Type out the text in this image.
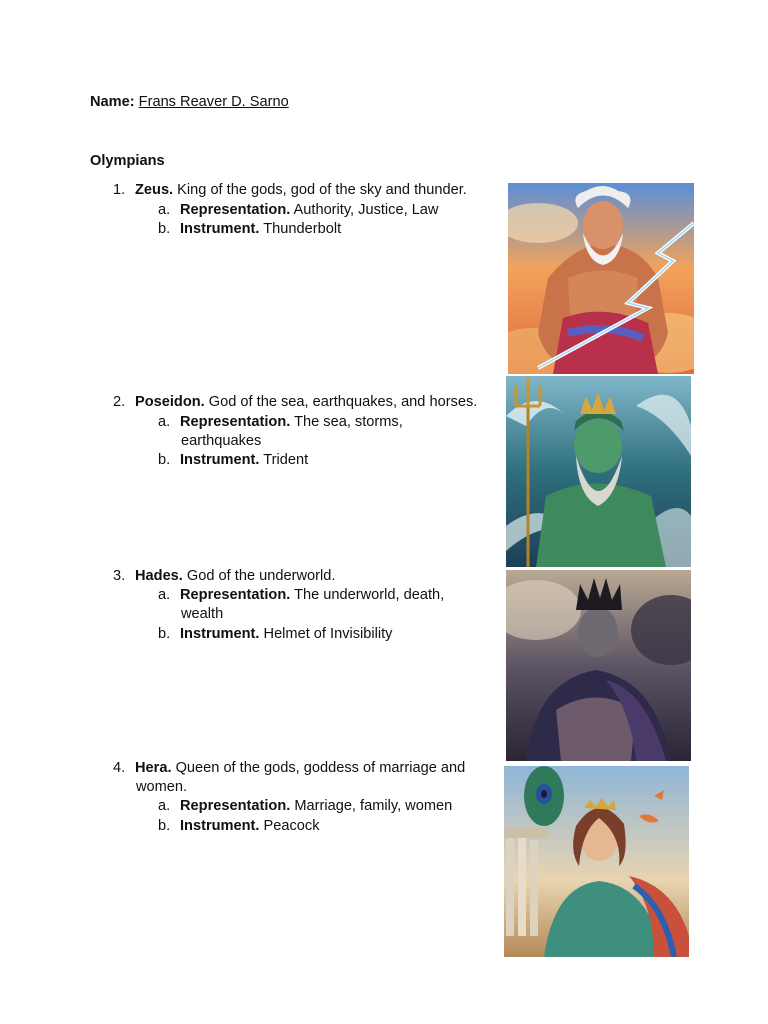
Name: Frans Reaver D. Sarno
Olympians
1. Zeus. King of the gods, god of the sky and thunder.
a. Representation. Authority, Justice, Law
b. Instrument. Thunderbolt
2. Poseidon. God of the sea, earthquakes, and horses.
a. Representation. The sea, storms,
earthquakes
b. Instrument. Trident
3. Hades. God of the underworld.
a. Representation. The underworld, death,
wealth
b. Instrument. Helmet of Invisibility
4. Hera. Queen of the gods, goddess of marriage and
women.
a. Representation. Marriage, family, women
b. Instrument. Peacock
